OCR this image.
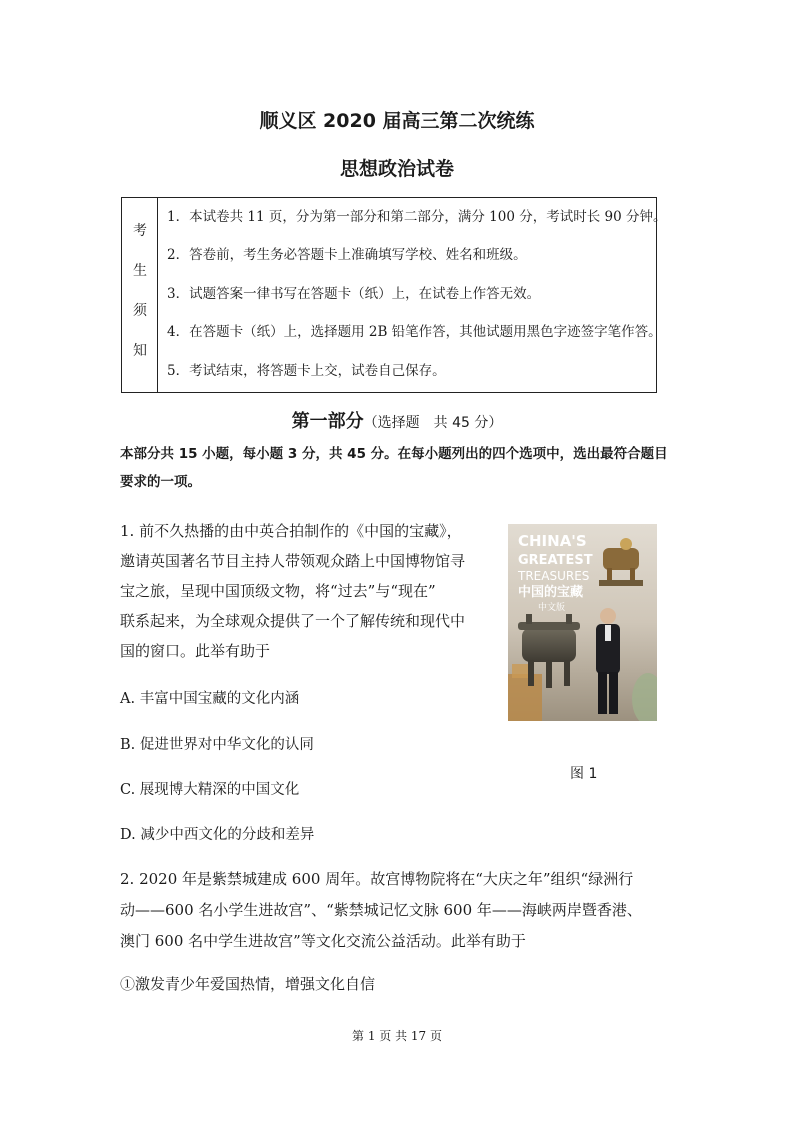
顺义区 2020 届高三第二次统练
思想政治试卷
考
生
须
知
1．本试卷共 11 页，分为第一部分和第二部分，满分 100 分，考试时长 90 分钟。
2．答卷前，考生务必答题卡上准确填写学校、姓名和班级。
3．试题答案一律书写在答题卡（纸）上，在试卷上作答无效。
4．在答题卡（纸）上，选择题用 2B 铅笔作答，其他试题用黑色字迹签字笔作答。
5．考试结束，将答题卡上交，试卷自己保存。
第一部分（选择题　共 45 分）
本部分共 15 小题，每小题 3 分，共 45 分。在每小题列出的四个选项中，选出最符合题目要求的一项。
1. 前不久热播的由中英合拍制作的《中国的宝藏》，
邀请英国著名节目主持人带领观众踏上中国博物馆寻
宝之旅，呈现中国顶级文物，将“过去”与“现在”
联系起来，为全球观众提供了一个了解传统和现代中
国的窗口。此举有助于
A. 丰富中国宝藏的文化内涵
B. 促进世界对中华文化的认同
C. 展现博大精深的中国文化
D. 减少中西文化的分歧和差异
CHINA'S
GREATEST
TREASURES
中国的宝藏
中文版
图 1
2. 2020 年是紫禁城建成 600 周年。故宫博物院将在“大庆之年”组织“绿洲行
动——600 名小学生进故宫”、“紫禁城记忆文脉 600 年——海峡两岸暨香港、
澳门 600 名中学生进故宫”等文化交流公益活动。此举有助于
①激发青少年爱国热情，增强文化自信
第 1 页 共 17 页
